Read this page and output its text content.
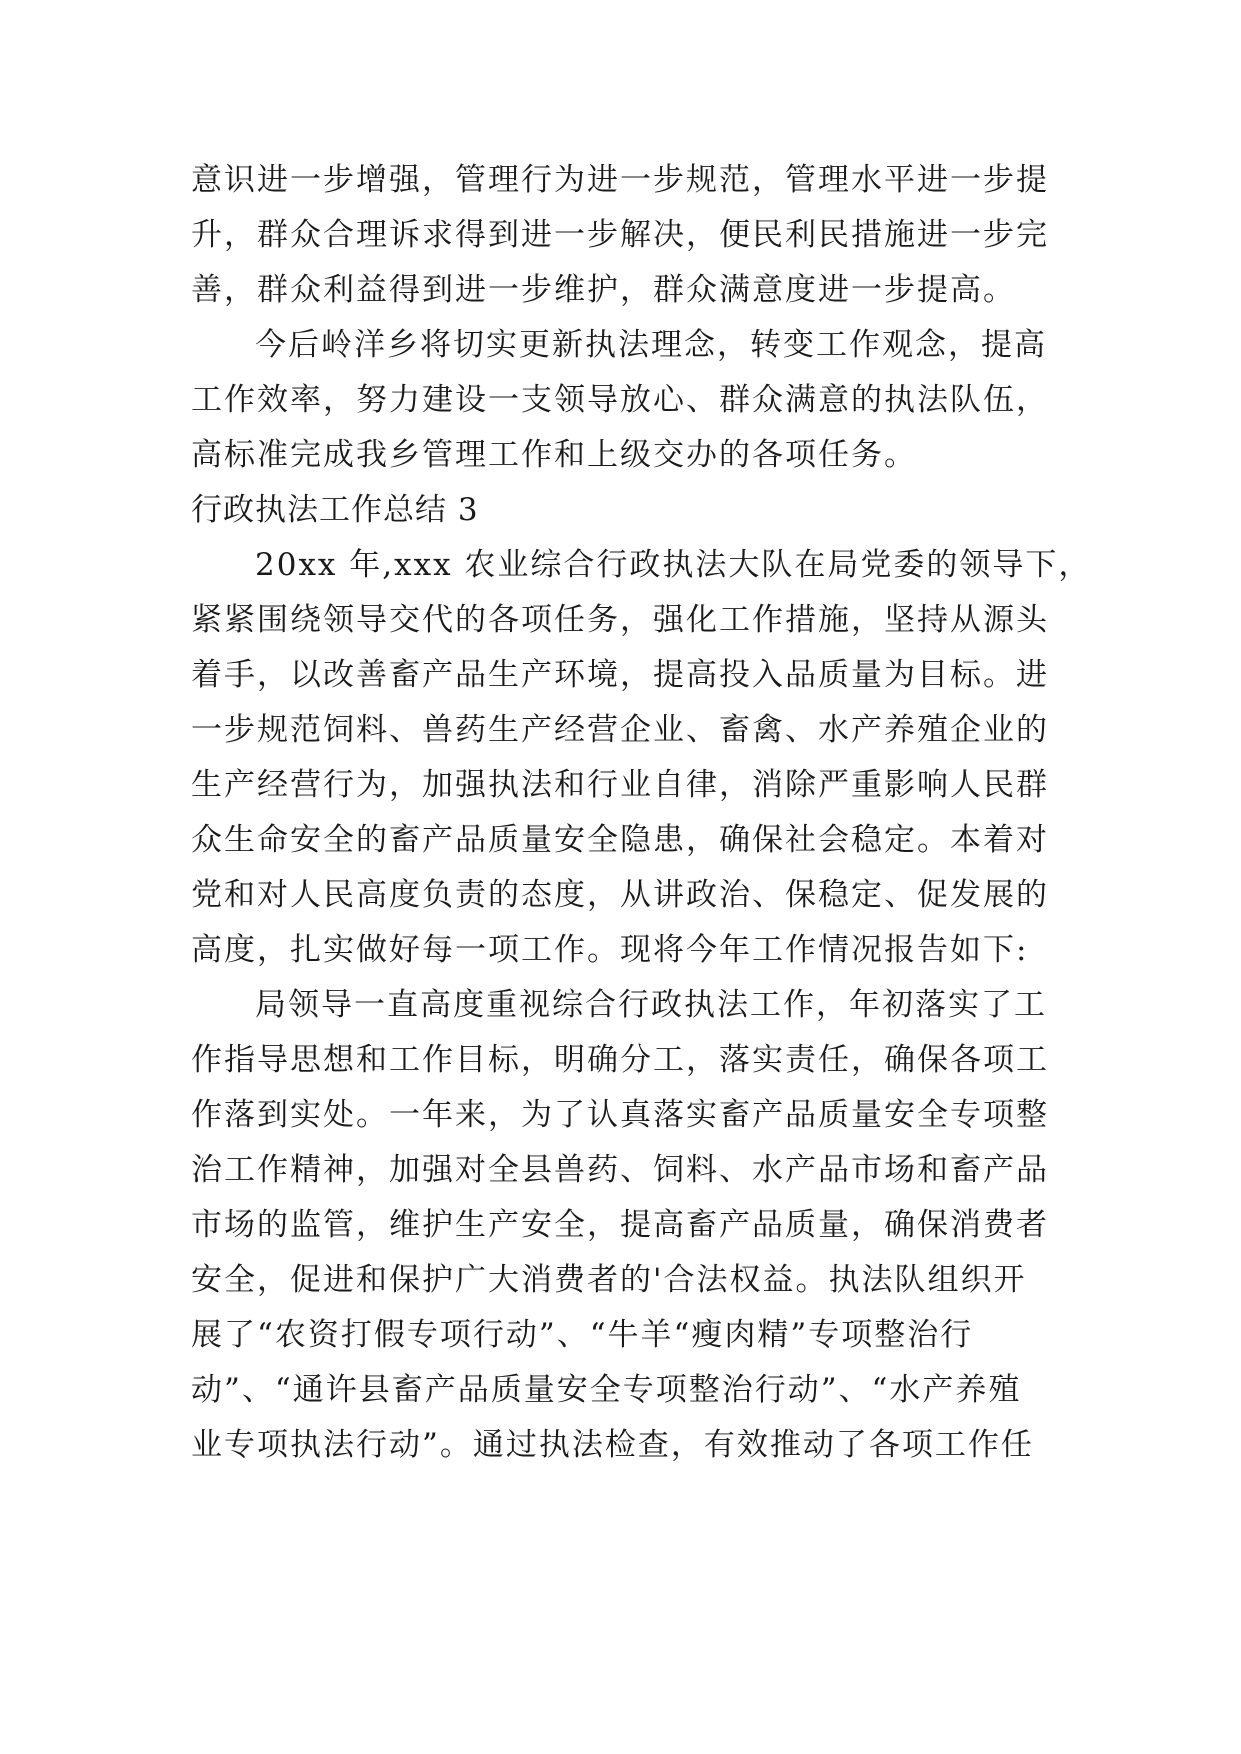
意识进一步增强，管理行为进一步规范，管理水平进一步提
升，群众合理诉求得到进一步解决，便民利民措施进一步完
善，群众利益得到进一步维护，群众满意度进一步提高。
今后岭洋乡将切实更新执法理念，转变工作观念，提高
工作效率，努力建设一支领导放心、群众满意的执法队伍，
高标准完成我乡管理工作和上级交办的各项任务。
行政执法工作总结 3
20xx 年,xxx 农业综合行政执法大队在局党委的领导下，
紧紧围绕领导交代的各项任务，强化工作措施，坚持从源头
着手，以改善畜产品生产环境，提高投入品质量为目标。进
一步规范饲料、兽药生产经营企业、畜禽、水产养殖企业的
生产经营行为，加强执法和行业自律，消除严重影响人民群
众生命安全的畜产品质量安全隐患，确保社会稳定。本着对
党和对人民高度负责的态度，从讲政治、保稳定、促发展的
高度，扎实做好每一项工作。现将今年工作情况报告如下:
局领导一直高度重视综合行政执法工作，年初落实了工
作指导思想和工作目标，明确分工，落实责任，确保各项工
作落到实处。一年来，为了认真落实畜产品质量安全专项整
治工作精神，加强对全县兽药、饲料、水产品市场和畜产品
市场的监管，维护生产安全，提高畜产品质量，确保消费者
安全，促进和保护广大消费者的'合法权益。执法队组织开
展了“农资打假专项行动”、“牛羊“瘦肉精”专项整治行
动”、“通许县畜产品质量安全专项整治行动”、“水产养殖
业专项执法行动”。通过执法检查，有效推动了各项工作任
